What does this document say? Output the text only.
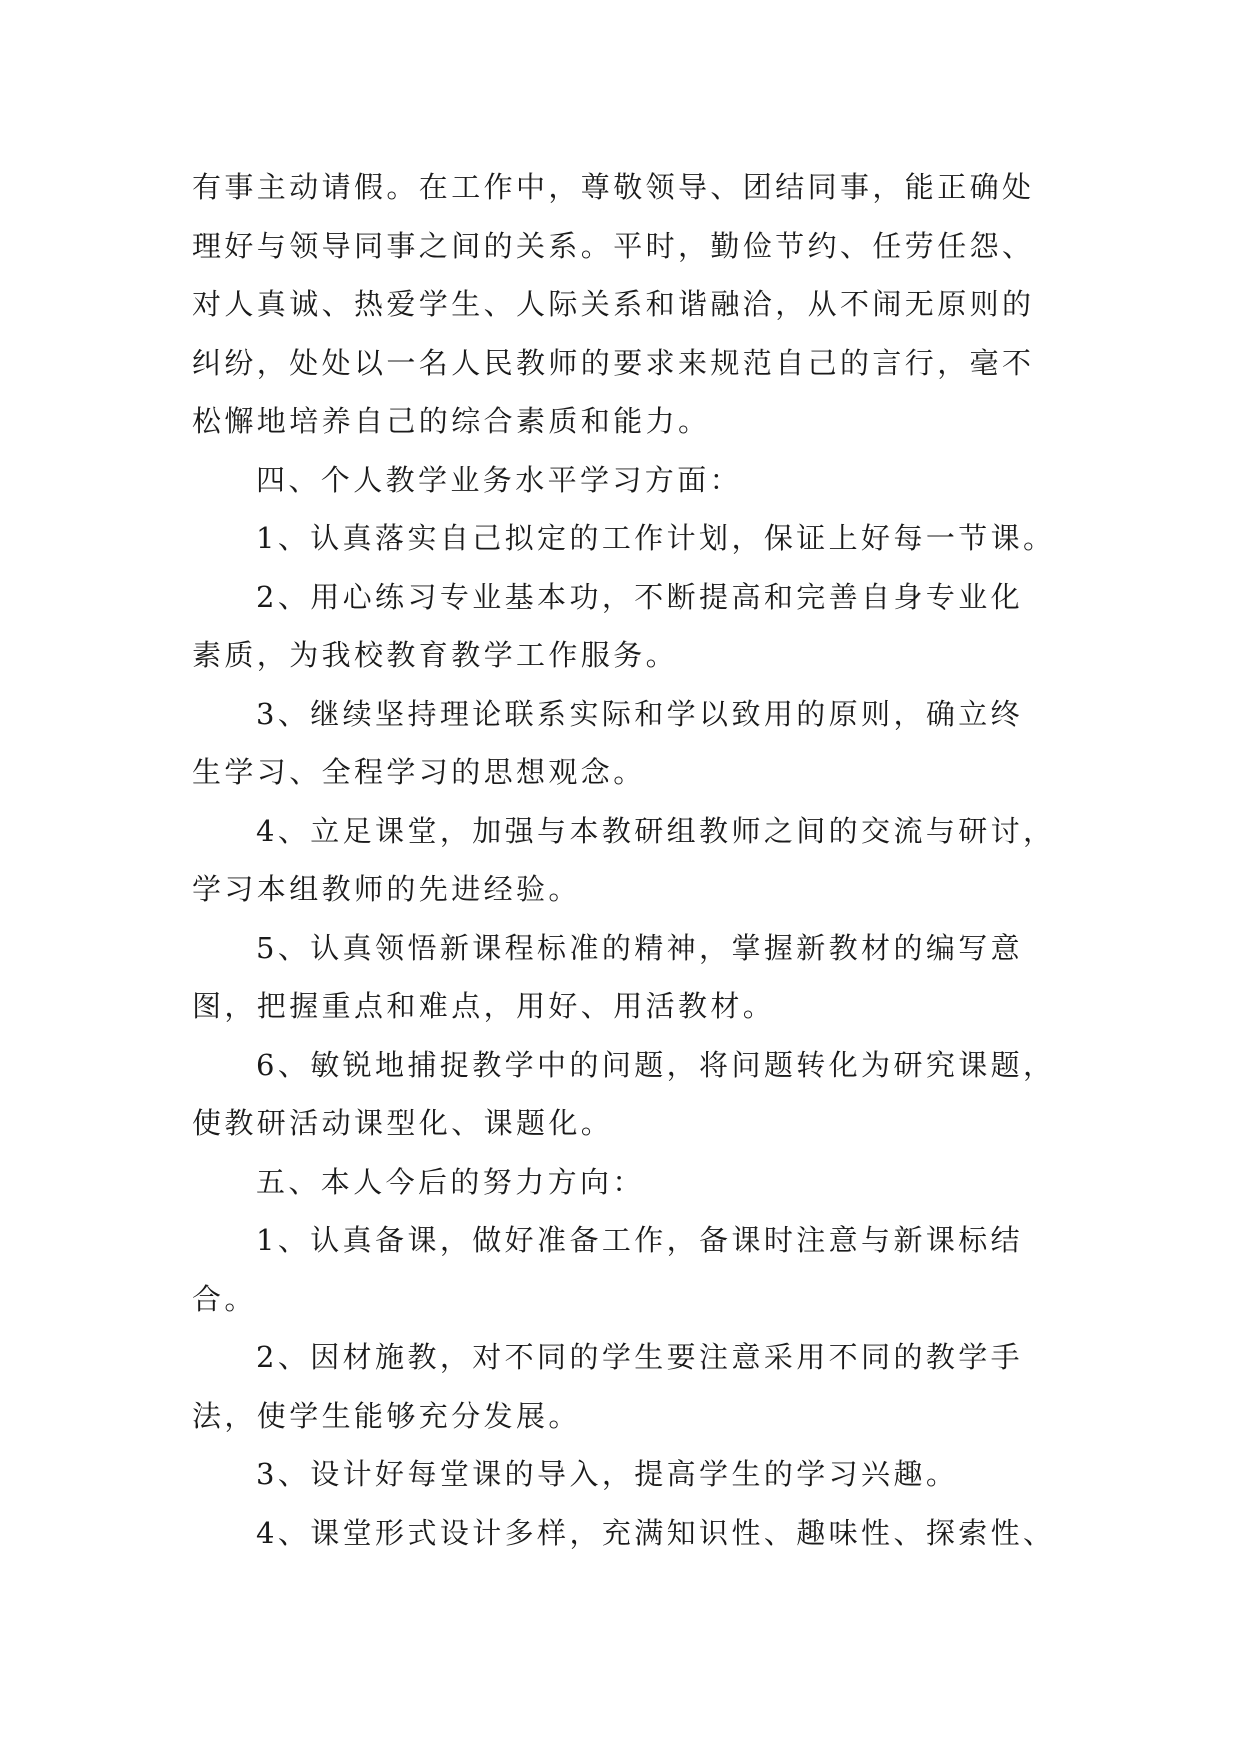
有事主动请假。在工作中，尊敬领导、团结同事，能正确处
理好与领导同事之间的关系。平时，勤俭节约、任劳任怨、
对人真诚、热爱学生、人际关系和谐融洽，从不闹无原则的
纠纷，处处以一名人民教师的要求来规范自己的言行，毫不
松懈地培养自己的综合素质和能力。
四、个人教学业务水平学习方面：
1、认真落实自己拟定的工作计划，保证上好每一节课。
2、用心练习专业基本功，不断提高和完善自身专业化
素质，为我校教育教学工作服务。
3、继续坚持理论联系实际和学以致用的原则，确立终
生学习、全程学习的思想观念。
4、立足课堂，加强与本教研组教师之间的交流与研讨，
学习本组教师的先进经验。
5、认真领悟新课程标准的精神，掌握新教材的编写意
图，把握重点和难点，用好、用活教材。
6、敏锐地捕捉教学中的问题，将问题转化为研究课题，
使教研活动课型化、课题化。
五、本人今后的努力方向：
1、认真备课，做好准备工作，备课时注意与新课标结
合。
2、因材施教，对不同的学生要注意采用不同的教学手
法，使学生能够充分发展。
3、设计好每堂课的导入，提高学生的学习兴趣。
4、课堂形式设计多样，充满知识性、趣味性、探索性、
